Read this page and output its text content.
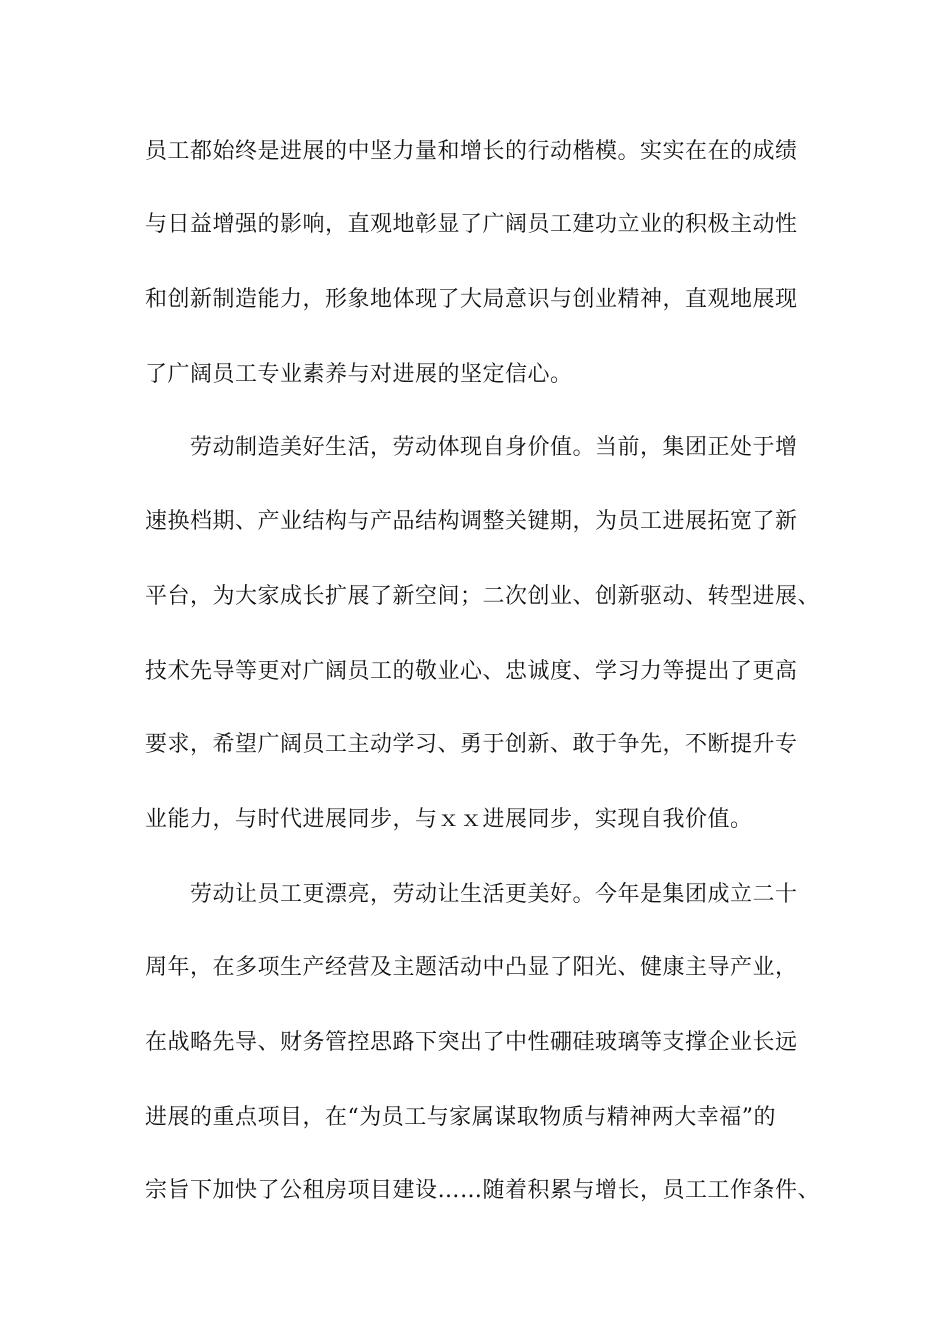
员工都始终是进展的中坚力量和增长的行动楷模。实实在在的成绩
与日益增强的影响，直观地彰显了广阔员工建功立业的积极主动性
和创新制造能力，形象地体现了大局意识与创业精神，直观地展现
了广阔员工专业素养与对进展的坚定信心。
劳动制造美好生活，劳动体现自身价值。当前，集团正处于增
速换档期、产业结构与产品结构调整关键期，为员工进展拓宽了新
平台，为大家成长扩展了新空间；二次创业、创新驱动、转型进展、
技术先导等更对广阔员工的敬业心、忠诚度、学习力等提出了更高
要求，希望广阔员工主动学习、勇于创新、敢于争先，不断提升专
业能力，与时代进展同步，与ｘｘ进展同步，实现自我价值。
劳动让员工更漂亮，劳动让生活更美好。今年是集团成立二十
周年，在多项生产经营及主题活动中凸显了阳光、健康主导产业，
在战略先导、财务管控思路下突出了中性硼硅玻璃等支撑企业长远
进展的重点项目，在“为员工与家属谋取物质与精神两大幸福”的
宗旨下加快了公租房项目建设……随着积累与增长，员工工作条件、
